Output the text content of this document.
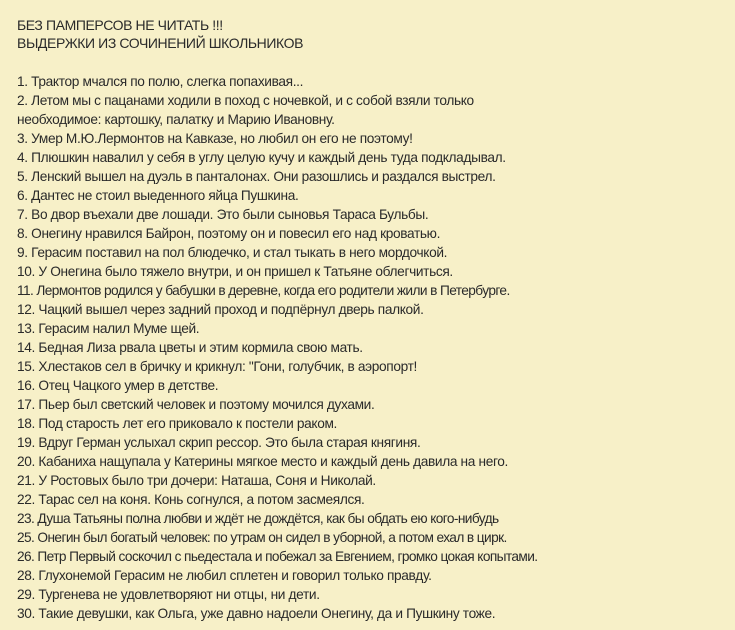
БЕЗ ПАМПЕРСОВ НЕ ЧИТАТЬ !!!
ВЫДЕРЖКИ ИЗ СОЧИНЕНИЙ ШКОЛЬНИКОВ
1. Трактор мчался по полю, слегка попахивая...
2. Летом мы с пацанами ходили в поход с ночевкой, и с собой взяли только
необходимое: картошку, палатку и Марию Ивановну.
3. Умер М.Ю.Лермонтов на Кавказе, но любил он его не поэтому!
4. Плюшкин навалил у себя в углу целую кучу и каждый день туда подкладывал.
5. Ленский вышел на дуэль в панталонах. Они разошлись и раздался выстрел.
6. Дантес не стоил выеденного яйца Пушкина.
7. Во двор въехали две лошади. Это были сыновья Тараса Бульбы.
8. Онегину нравился Байрон, поэтому он и повесил его над кроватью.
9. Герасим поставил на пол блюдечко, и стал тыкать в него мордочкой.
10. У Онегина было тяжело внутри, и он пришел к Татьяне облегчиться.
11. Лермонтов родился у бабушки в деревне, когда его родители жили в Петербурге.
12. Чацкий вышел через задний проход и подпёрнул дверь палкой.
13. Герасим налил Муме щей.
14. Бедная Лиза рвала цветы и этим кормила свою мать.
15. Хлестаков сел в бричку и крикнул: "Гони, голубчик, в аэропорт!
16. Отец Чацкого умер в детстве.
17. Пьер был светский человек и поэтому мочился духами.
18. Под старость лет его приковало к постели раком.
19. Вдруг Герман услыхал скрип рессор. Это была старая княгиня.
20. Кабаниха нащупала у Катерины мягкое место и каждый день давила на него.
21. У Ростовых было три дочери: Наташа, Соня и Николай.
22. Тарас сел на коня. Конь согнулся, а потом засмеялся.
23. Душа Татьяны полна любви и ждёт не дождётся, как бы обдать ею кого-нибудь
25. Онегин был богатый человек: по утрам он сидел в уборной, а потом ехал в цирк.
26. Петр Первый соскочил с пьедестала и побежал за Евгением, громко цокая копытами.
28. Глухонемой Герасим не любил сплетен и говорил только правду.
29. Тургенева не удовлетворяют ни отцы, ни дети.
30. Такие девушки, как Ольга, уже давно надоели Онегину, да и Пушкину тоже.
